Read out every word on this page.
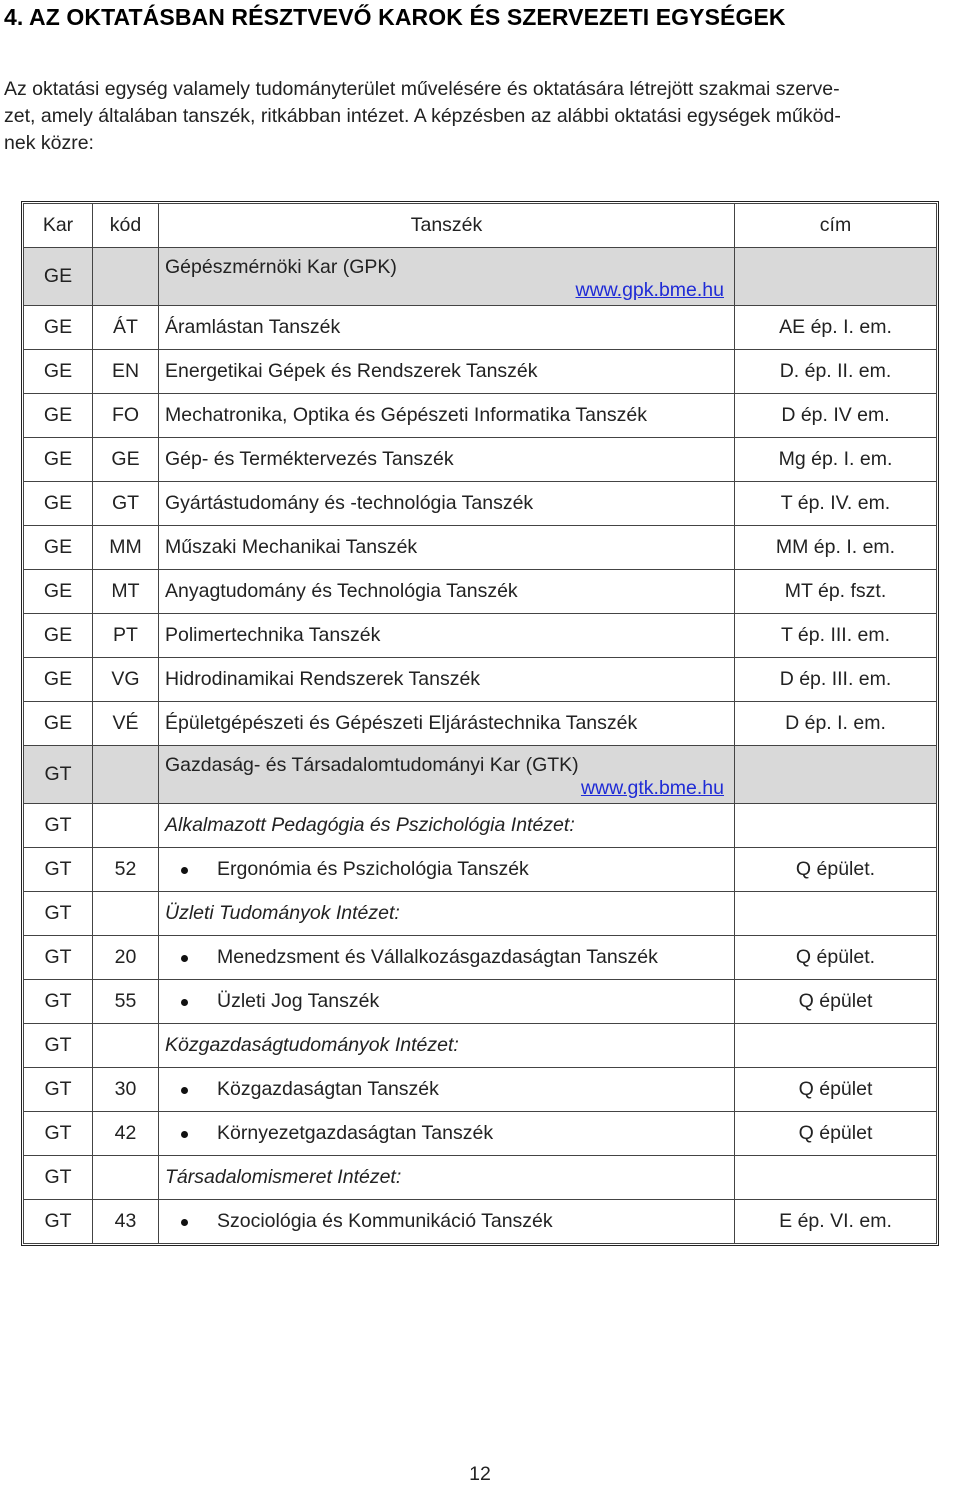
4. AZ OKTATÁSBAN RÉSZTVEVŐ KAROK ÉS SZERVEZETI EGYSÉGEK
Az oktatási egység valamely tudományterület művelésére és oktatására létrejött szakmai szerve-
zet, amely általában tanszék, ritkábban intézet. A képzésben az alábbi oktatási egységek működ-
nek közre:
Kar	kód	Tanszék	cím
GE		Gépészmérnöki Kar (GPK)
www.gpk.bme.hu	

GE	ÁT	Áramlástan Tanszék	AE ép. I. em.
GE	EN	Energetikai Gépek és Rendszerek Tanszék	D. ép. II. em.
GE	FO	Mechatronika, Optika és Gépészeti Informatika Tanszék	D ép. IV em.
GE	GE	Gép- és Terméktervezés Tanszék	Mg ép. I. em.
GE	GT	Gyártástudomány és -technológia Tanszék	T ép. IV. em.
GE	MM	Műszaki Mechanikai Tanszék	MM ép. I. em.
GE	MT	Anyagtudomány és Technológia Tanszék	MT ép. fszt.
GE	PT	Polimertechnika Tanszék	T ép. III. em.
GE	VG	Hidrodinamikai Rendszerek Tanszék	D ép. III. em.
GE	VÉ	Épületgépészeti és Gépészeti Eljárástechnika Tanszék	D ép. I. em.
GT		Gazdaság- és Társadalomtudományi Kar (GTK)
www.gtk.bme.hu	

GT		Alkalmazott Pedagógia és Pszichológia Intézet:	
GT	52	Ergonómia és Pszichológia Tanszék	Q épület.
GT		Üzleti Tudományok Intézet:	
GT	20	Menedzsment és Vállalkozásgazdaságtan Tanszék	Q épület.
GT	55	Üzleti Jog Tanszék	Q épület
GT		Közgazdaságtudományok Intézet:	
GT	30	Közgazdaságtan Tanszék	Q épület
GT	42	Környezetgazdaságtan Tanszék	Q épület
GT		Társadalomismeret Intézet:	
GT	43	Szociológia és Kommunikáció Tanszék	E ép. VI. em.
12
